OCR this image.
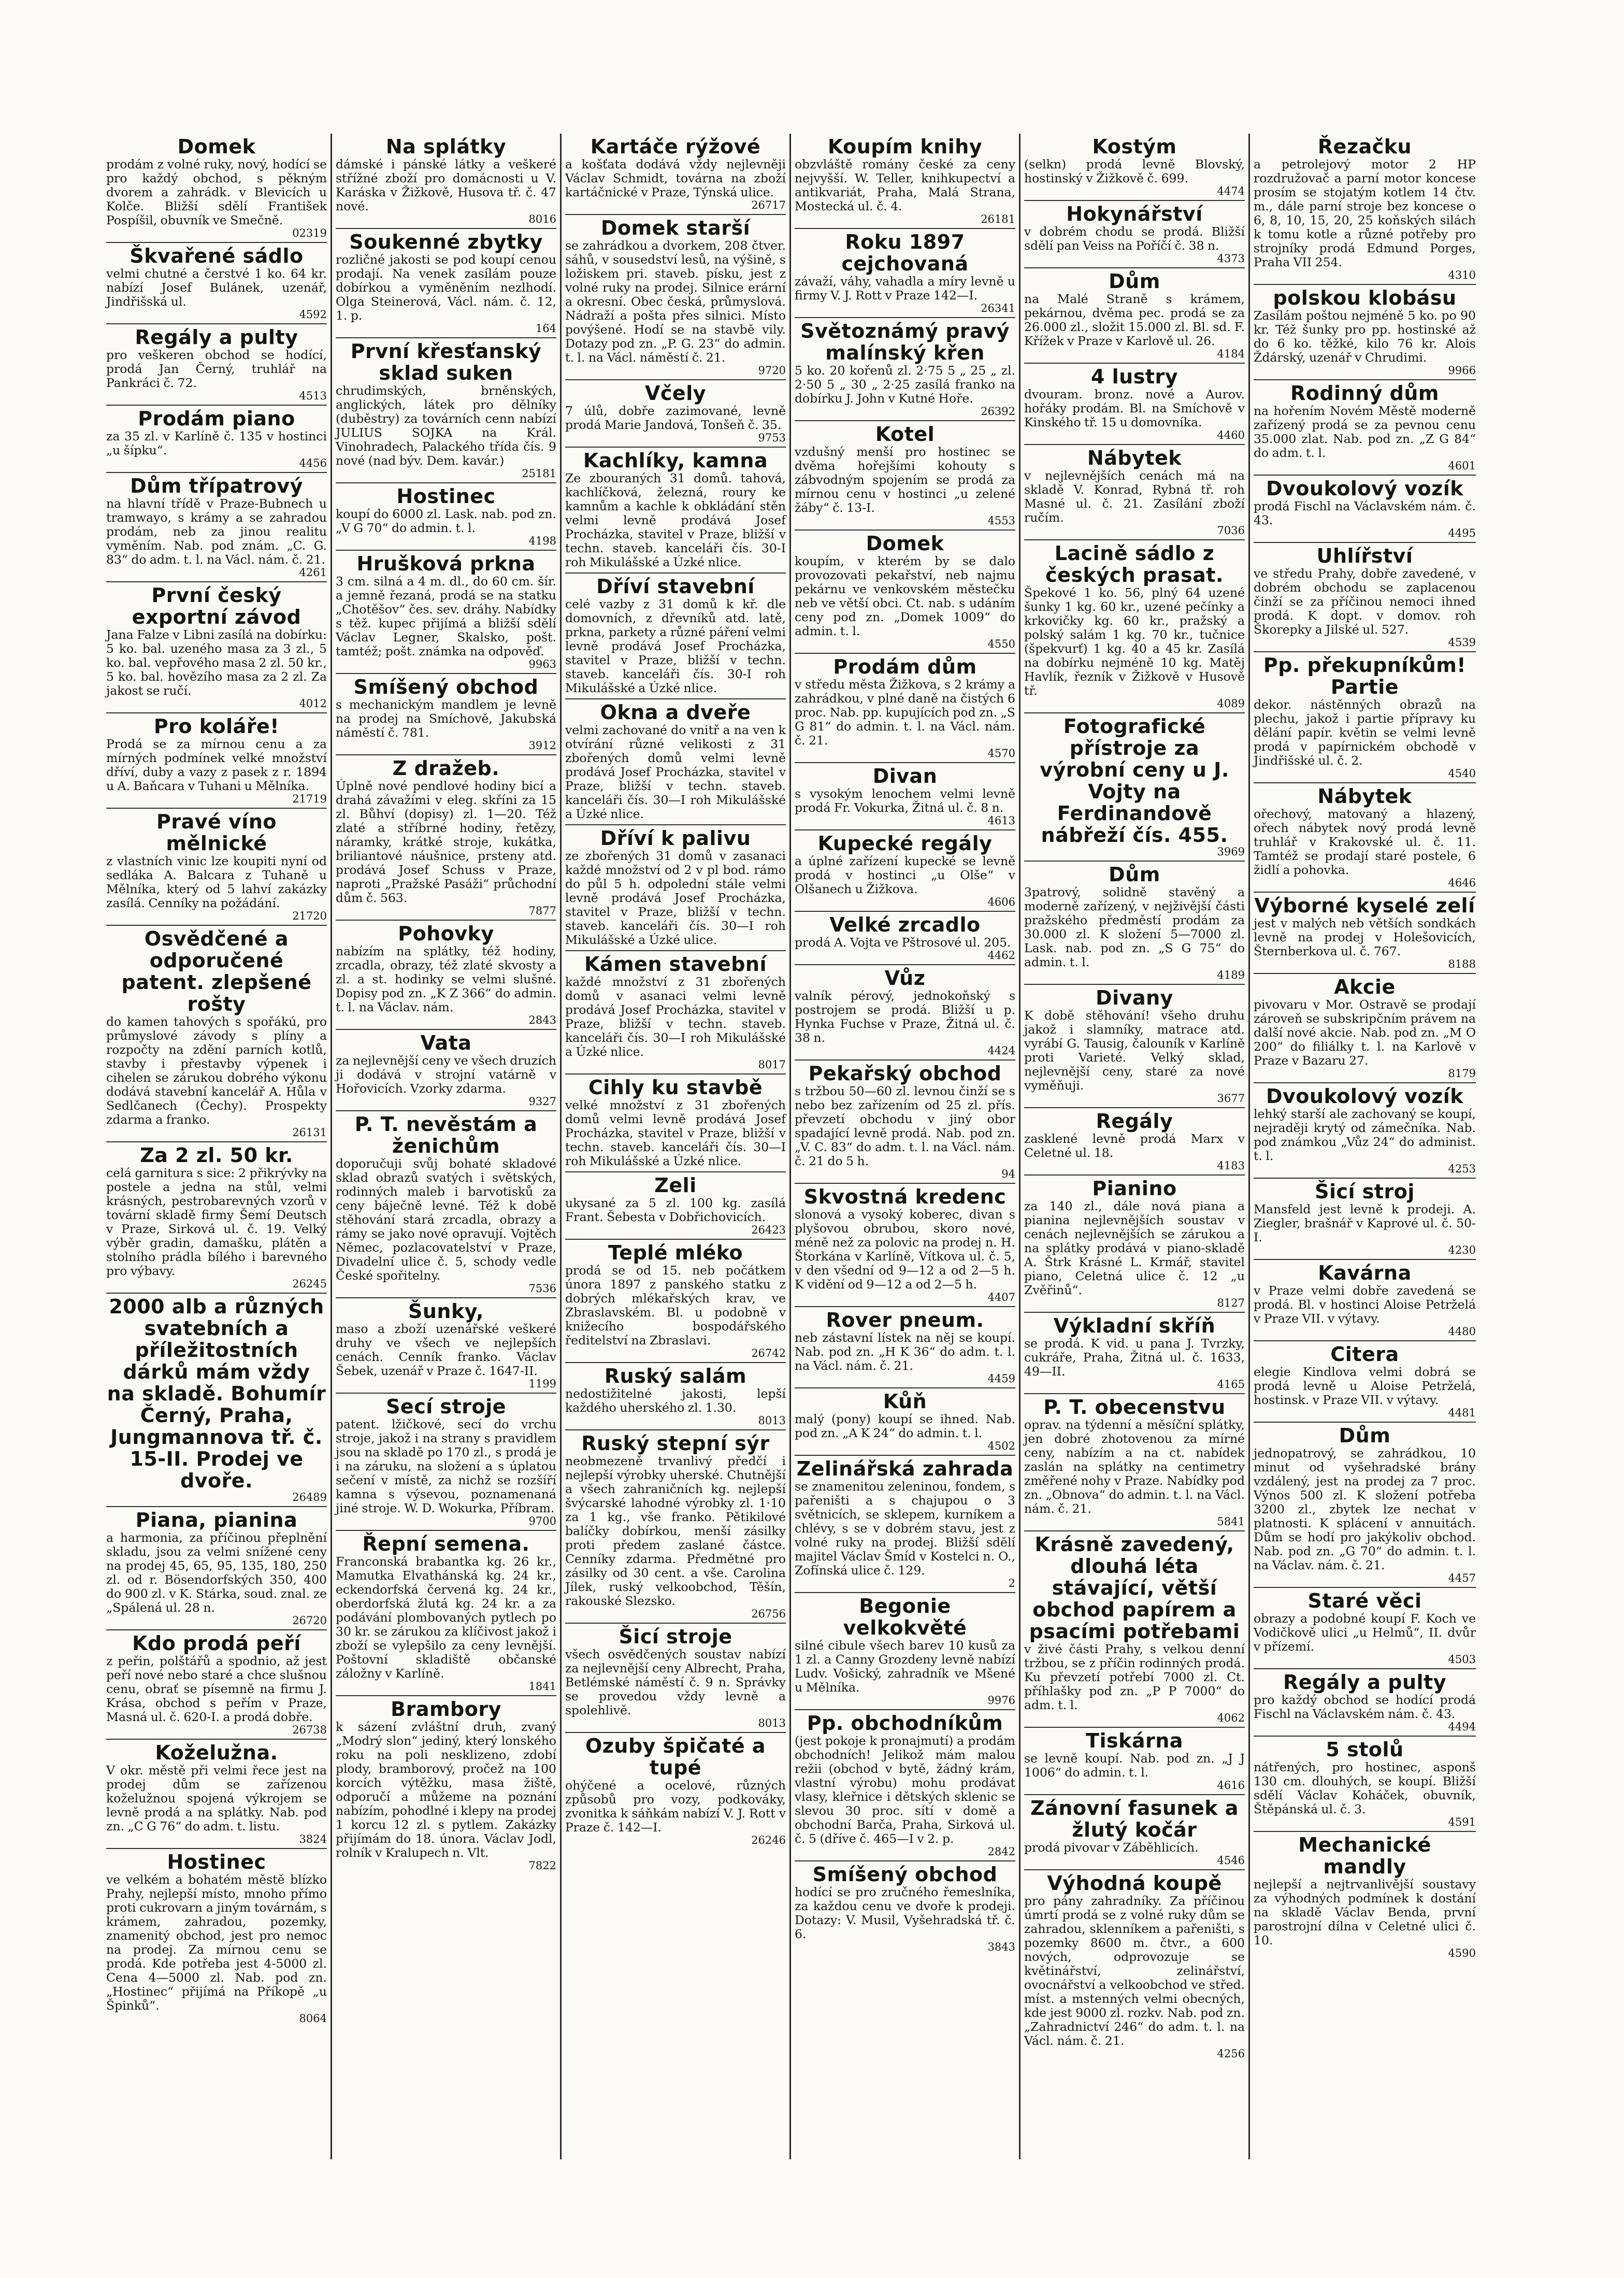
Domek
prodám z volné ruky, nový, hodící se pro každý obchod, s pěkným dvorem a zahrádk. v Blevicích u Kolče. Bližší sdělí František Pospíšil, obuvník ve Smečně.
02319
Škvařené sádlo
velmi chutné a čerstvé 1 ko. 64 kr. nabízí Josef Bulánek, uzenář, Jindřišská ul.
4592
Regály a pulty
pro veškeren obchod se hodící, prodá Jan Černý, truhlář na Pankráci č. 72.
4513
Prodám piano
za 35 zl. v Karlíně č. 135 v hostinci „u šípku“.
4456
Dům třípatrový
na hlavní třídě v Praze-Bubnech u tramwayo, s krámy a se zahradou prodám, neb za jinou realitu vyměním. Nab. pod znám. „C. G. 83“ do adm. t. l. na Václ. nám. č. 21.
4261
První český exportní závod
Jana Falze v Libni zasílá na dobírku: 5 ko. bal. uzeného masa za 3 zl., 5 ko. bal. vepřového masa 2 zl. 50 kr., 5 ko. bal. hovězího masa za 2 zl. Za jakost se ručí.
4012
Pro koláře!
Prodá se za mírnou cenu a za mírných podmínek velké množství dříví, duby a vazy z pasek z r. 1894 u A. Baňcara v Tuhani u Mělníka.
21719
Pravé víno mělnické
z vlastních vinic lze koupiti nyní od sedláka A. Balcara z Tuhaně u Mělníka, který od 5 lahví zakázky zasílá. Cenníky na požádání.
21720
Osvědčené a odporučené patent. zlepšené rošty
do kamen tahových s spořákú, pro průmyslové závody s plíny a rozpočty na zdění parních kotlů, stavby i přestavby výpenek i cihelen se zárukou dobrého výkonu dodává stavební kancelář A. Hůla v Sedlčanech (Čechy). Prospekty zdarma a franko.
26131
Za 2 zl. 50 kr.
celá garnitura s sice: 2 přikrývky na postele a jedna na stůl, velmi krásných, pestrobarevných vzorů v tovární skladě firmy Šemí Deutsch v Praze, Sirková ul. č. 19. Velký výběr gradin, damašku, plátěn a stolního prádla bílého i barevného pro výbavy.
26245
2000 alb a různých svatebních a příležitostních dárků mám vždy na skladě. Bohumír Černý, Praha, Jungmannova tř. č. 15-II. Prodej ve dvoře.
26489
Piana, pianina
a harmonia, za příčinou přeplnění skladu, jsou za velmi snížené ceny na prodej 45, 65, 95, 135, 180, 250 zl. od r. Bösendorfských 350, 400 do 900 zl. v K. Stárka, soud. znal. ze „Spálená ul. 28 n.
26720
Kdo prodá peří
z peřin, polštářů a spodnio, až jest peří nové nebo staré a chce slušnou cenu, obrať se písemně na firmu J. Krása, obchod s peřím v Praze, Masná ul. č. 620-I. a prodá dobře.
26738
Koželužna.
V okr. městě při velmi řece jest na prodej dům se zařízenou koželužnou spojená výkrojem se levně prodá a na splátky. Nab. pod zn. „C G 76“ do adm. t. listu.
3824
Hostinec
ve velkém a bohatém městě blízko Prahy, nejlepší místo, mnoho přímo proti cukrovarn a jiným továrnám, s krámem, zahradou, pozemky, znamenitý obchod, jest pro nemoc na prodej. Za mírnou cenu se prodá. Kde potřeba jest 4-5000 zl. Cena 4—5000 zl. Nab. pod zn. „Hostinec“ přijímá na Příkopě „u Špinků“.
8064
Na splátky
dámské i pánské látky a veškeré střížné zboží pro domácnosti u V. Karáska v Žižkově, Husova tř. č. 47 nové.
8016
Soukenné zbytky
rozličné jakosti se pod koupí cenou prodají. Na venek zasílám pouze dobírkou a vyměněním nezlhodí. Olga Steinerová, Václ. nám. č. 12, 1. p.
164
První křesťanský sklad suken
chrudimských, brněnských, anglických, látek pro dělníky (duběstry) za továrních cenn nabízí JULIUS SOJKA na Král. Vinohradech, Palackého třída čís. 9 nové (nad býv. Dem. kavár.)
25181
Hostinec
koupí do 6000 zl. Lask. nab. pod zn. „V G 70“ do admin. t. l.
4198
Hrušková prkna
3 cm. silná a 4 m. dl., do 60 cm. šír. a jemně řezaná, prodá se na statku „Chotěšov“ čes. sev. dráhy. Nabídky s těž. kupec přijímá a bližší sdělí Václav Legner, Skalsko, pošt. tamtéž; pošt. známka na odpověď.
9963
Smíšený obchod
s mechanickým mandlem je levně na prodej na Smíchově, Jakubská náměstí č. 781.
3912
Z dražeb.
Úplně nové pendlové hodiny bicí a drahá závažími v eleg. skříni za 15 zl. Bůhví (dopisy) zl. 1—20. Též zlaté a stříbrné hodiny, řetězy, náramky, krátké stroje, kukátka, briliantové náušnice, prsteny atd. prodává Josef Schuss v Praze, naproti „Pražské Pasáži“ průchodní dům č. 563.
7877
Pohovky
nabízím na splátky, též hodiny, zrcadla, obrazy, též zlaté skvosty a zl. a st. hodinky se velmi slušné. Dopisy pod zn. „K Z 366“ do admin. t. l. na Václav. nám.
2843
Vata
za nejlevnější ceny ve všech druzích ji dodává v strojní vatárně v Hořovicích. Vzorky zdarma.
9327
P. T. nevěstám a ženichům
doporučuji svůj bohaté skladové sklad obrazů svatých i světských, rodinných maleb i barvotisků za ceny báječně levné. Též k době stěhování stará zrcadla, obrazy a rámy se jako nové opravují. Vojtěch Němec, pozlacovatelství v Praze, Divadelní ulice č. 5, schody vedle České spořitelny.
7536
Šunky,
maso a zboží uzenářské veškeré druhy ve všech ve nejlepších cenách. Cenník franko. Václav Šebek, uzenář v Praze č. 1647-II.
1199
Secí stroje
patent. lžičkové, secí do vrchu stroje, jakož i na strany s pravidlem jsou na skladě po 170 zl., s prodá je i na záruku, na složení a s úplatou sečení v místě, za nichž se rozšíří kamna s výsevou, poznamenaná jiné stroje. W. D. Wokurka, Příbram.
9700
Řepní semena.
Franconská brabantka kg. 26 kr., Mamutka Elvathánská kg. 24 kr., eckendorfská červená kg. 24 kr., oberdorfská žlutá kg. 24 kr. a za podávání plombovaných pytlech po 30 kr. se zárukou za klíčivost jakož i zboží se vylepšilo za ceny levnější. Poštovní skladiště občanské záložny v Karlíně.
1841
Brambory
k sázení zvláštní druh, zvaný „Modrý slon“ jediný, který lonského roku na poli nesklizeno, zdobí plody, bramborový, pročež na 100 korcích výtěžku, masa žiště, odporučí a můžeme na poznání nabízím, pohodlné i klepy na prodej 1 korcu 12 zl. s pytlem. Zakázky přijímám do 18. února. Václav Jodl, rolník v Kralupech n. Vlt.
7822
Kartáče rýžové
a košťata dodává vždy nejlevněji Václav Schmidt, továrna na zboží kartáčnické v Praze, Týnská ulice.
26717
Domek starší
se zahrádkou a dvorkem, 208 čtver. sáhů, v sousedství lesů, na výšině, s ložiskem pri. staveb. písku, jest z volné ruky na prodej. Silnice erární a okresní. Obec česká, průmyslová. Nádraží a pošta přes silnici. Místo povýšené. Hodí se na stavbě vily. Dotazy pod zn. „P. G. 23“ do admin. t. l. na Václ. náměstí č. 21.
9720
Včely
7 úlů, dobře zazimované, levně prodá Marie Jandová, Tonšeň č. 35.
9753
Kachlíky, kamna
Ze zbouraných 31 domů. tahová, kachlíčková, železná, roury ke kamnům a kachle k obkládání stěn velmi levně prodává Josef Procházka, stavitel v Praze, bližší v techn. staveb. kanceláři čís. 30-I roh Mikulášské a Úzké nlice.
Dříví stavební
celé vazby z 31 domů k kř. dle domovních, z dřevníků atd. latě, prkna, parkety a různé páření velmi levně prodává Josef Procházka, stavitel v Praze, bližší v techn. staveb. kanceláři čís. 30-I roh Mikulášské a Úzké nlice.
Okna a dveře
velmi zachované do vnitř a na ven k otvírání různé velikosti z 31 zbořených domů velmi levně prodává Josef Procházka, stavitel v Praze, bližší v techn. staveb. kanceláři čís. 30—I roh Mikulášské a Úzké nlice.
Dříví k palivu
ze zbořených 31 domů v zasanaci každé množství od 2 v pl bod. rámo do půl 5 h. odpolední stále velmi levně prodává Josef Procházka, stavitel v Praze, bližší v techn. staveb. kanceláři čís. 30—I roh Mikulášské a Úzké ulice.
Kámen stavební
každé množství z 31 zbořených domů v asanaci velmi levně prodává Josef Procházka, stavitel v Praze, bližší v techn. staveb. kanceláři čís. 30—I roh Mikulášské a Úzké nlice.
8017
Cihly ku stavbě
velké množství z 31 zbořených domů velmi levně prodává Josef Procházka, stavitel v Praze, bližší v techn. staveb. kanceláři čís. 30—I roh Mikulášské a Úzké nlice.
Zeli
ukysané za 5 zl. 100 kg. zasílá Frant. Šebesta v Dobřichovicích.
26423
Teplé mléko
prodá se od 15. neb počátkem února 1897 z panského statku z dobrých mlékařských krav, ve Zbraslavském. Bl. u podobně v knižecího bospodářského ředitelství na Zbraslavi.
26742
Ruský salám
nedostižitelné jakosti, lepší každého uherského zl. 1.30.
8013
Ruský stepní sýr
neobmezeně trvanlivý předčí i nejlepší výrobky uherské. Chutnější a všech zahraničních kg. nejlepší švýcarské lahodné výrobky zl. 1·10 za 1 kg., vše franko. Pětikilové balíčky dobírkou, menší zásilky proti předem zaslané částce. Cenníky zdarma. Předmětné pro zásilky od 30 cent. a vše. Carolina Jílek, ruský velkoobchod, Těšín, rakouské Slezsko.
26756
Šicí stroje
všech osvědčených soustav nabízí za nejlevnější ceny Albrecht, Praha, Betlémské náměstí č. 9 n. Správky se provedou vždy levně a spolehlivě.
8013
Ozuby špičaté a tupé
ohýčené a ocelové, různých způsobů pro vozy, podkováky, zvonitka k sáňkám nabízí V. J. Rott v Praze č. 142—I.
26246
Koupím knihy
obzvláště romány české za ceny nejvyšší. W. Teller, knihkupectví a antikvariát, Praha, Malá Strana, Mostecká ul. č. 4.
26181
Roku 1897 cejchovaná
závaží, váhy, vahadla a míry levně u firmy V. J. Rott v Praze 142—I.
26341
Světoznámý pravý malínský křen
5 ko. 20 kořenů zl. 2·75 5 „ 25 „ zl. 2·50 5 „ 30 „ 2·25 zasílá franko na dobírku J. John v Kutné Hoře.
26392
Kotel
vzdušný menší pro hostinec se dvěma hořejšími kohouty s zábvodným spojením se prodá za mírnou cenu v hostinci „u zelené žáby“ č. 13-I.
4553
Domek
koupím, v kterém by se dalo provozovati pekařství, neb najmu pekárnu ve venkovském městečku neb ve větší obci. Ct. nab. s udáním ceny pod zn. „Domek 1009“ do admin. t. l.
4550
Prodám dům
v středu města Žižkova, s 2 krámy a zahrádkou, v plné daně na čistých 6 proc. Nab. pp. kupujících pod zn. „S G 81“ do admin. t. l. na Václ. nám. č. 21.
4570
Divan
s vysokým lenochem velmi levně prodá Fr. Vokurka, Žitná ul. č. 8 n.
4613
Kupecké regály
a úplné zařízení kupecké se levně prodá v hostinci „u Olše“ v Olšanech u Žižkova.
4606
Velké zrcadlo
prodá A. Vojta ve Pštrosové ul. 205.
4462
Vůz
valník pérový, jednokoňský s postrojem se prodá. Bližší u p. Hynka Fuchse v Praze, Žitná ul. č. 38 n.
4424
Pekařský obchod
s tržbou 50—60 zl. levnou činží se s nebo bez zařízením od 25 zl. přís. převzetí obchodu v jiný obor spadající levně prodá. Nab. pod zn. „V. C. 83“ do adm. t. l. na Václ. nám. č. 21 do 5 h.
94
Skvostná kredenc
slonová a vysoký koberec, divan s plyšovou obrubou, skoro nové, méně než za polovic na prodej n. H. Štorkána v Karlíně, Vítkova ul. č. 5, v den všední od 9—12 a od 2—5 h. K vidění od 9—12 a od 2—5 h.
4407
Rover pneum.
neb zástavní lístek na něj se koupí. Nab. pod zn. „H K 36“ do adm. t. l. na Václ. nám. č. 21.
4459
Kůň
malý (pony) koupí se ihned. Nab. pod zn. „A K 24“ do admin. t. l.
4502
Zelinářská zahrada
se znamenitou zeleninou, fondem, s pařeništi a s chajupou o 3 světnicích, se sklepem, kurníkem a chlévy, s se v dobrém stavu, jest z volné ruky na prodej. Bližší sdělí majitel Václav Šmíd v Kostelci n. O., Zofínská ulice č. 129.
2
Begonie velkokvěté
silné cibule všech barev 10 kusů za 1 zl. a Canny Grozdeny levně nabízí Ludv. Vošický, zahradník ve Mšené u Mělníka.
9976
Pp. obchodníkům
(jest pokoje k pronajmutí) a prodám obchodních! Jelikož mám malou režii (obchod v bytě, žádný krám, vlastní výrobu) mohu prodávat vlasy, kleřnice i dětských sklenic se slevou 30 proc. sítí v domě a obchodní Barča, Praha, Sirková ul. č. 5 (dříve č. 465—I v 2. p.
2842
Smíšený obchod
hodící se pro zručného řemeslníka, za každou cenu ve dvoře k prodeji. Dotazy: V. Musil, Vyšehradská tř. č. 6.
3843
Kostým
(selkn) prodá levně Blovský, hostinský v Žižkově č. 699.
4474
Hokynářství
v dobrém chodu se prodá. Bližší sdělí pan Veiss na Poříčí č. 38 n.
4373
Dům
na Malé Straně s krámem, pekárnou, dvěma pec. prodá se za 26.000 zl., složit 15.000 zl. Bl. sd. F. Křížek v Praze v Karlově ul. 26.
4184
4 lustry
dvouram. bronz. nové a Aurov. hořáky prodám. Bl. na Smíchově v Kinského tř. 15 u domovníka.
4460
Nábytek
v nejlevnějších cenách má na skladě V. Konrad, Rybná tř. roh Masné ul. č. 21. Zasílání zboží ručím.
7036
Lacině sádlo z českých prasat.
Špekové 1 ko. 56, plný 64 uzené šunky 1 kg. 60 kr., uzené pečínky a krkovičky kg. 60 kr., pražský a polský salám 1 kg. 70 kr., tučnice (špekvurť) 1 kg. 40 a 45 kr. Zasílá na dobírku nejméně 10 kg. Matěj Havlík, řezník v Žižkově v Husově tř.
4089
Fotografické přístroje za výrobní ceny u J. Vojty na Ferdinandově nábřeží čís. 455.
3969
Dům
3patrový, solidně stavěný a moderně zařízený, v nejživější části pražského předměstí prodám za 30.000 zl. K složení 5—7000 zl. Lask. nab. pod zn. „S G 75“ do admin. t. l.
4189
Divany
K době stěhování! všeho druhu jakož i slamníky, matrace atd. vyrábí G. Tausig, čalouník v Karlíně proti Varieté. Velký sklad, nejlevnější ceny, staré za nové vyměňuji.
3677
Regály
zasklené levně prodá Marx v Celetné ul. 18.
4183
Pianino
za 140 zl., dále nová piana a pianina nejlevnějších soustav v cenách nejlevnějších se zárukou a na splátky prodává v piano-skladě A. Štrk Krásné L. Krmář, stavitel piano, Celetná ulice č. 12 „u Zvěřinů“.
8127
Výkladní skříň
se prodá. K vid. u pana J. Tvrzky, cukráře, Praha, Žitná ul. č. 1633, 49—II.
4165
P. T. obecenstvu
oprav. na týdenní a měsíční splátky, jen dobré zhotovenou za mírné ceny, nabízím a na ct. nabídek zaslán na splátky na centimetry změřené nohy v Praze. Nabídky pod zn. „Obnova“ do admin. t. l. na Václ. nám. č. 21.
5841
Krásně zavedený, dlouhá léta stávající, větší obchod papírem a psacími potřebami
v živé části Prahy, s velkou denní tržbou, se z příčin rodinných prodá. Ku převzetí potřebí 7000 zl. Ct. příhlašky pod zn. „P P 7000“ do adm. t. l.
4062
Tiskárna
se levně koupí. Nab. pod zn. „J J 1006“ do admin. t. l.
4616
Zánovní fasunek a žlutý kočár
prodá pivovar v Záběhlicích.
4546
Výhodná koupě
pro pány zahradníky. Za příčinou úmrtí prodá se z volné ruky dům se zahradou, sklenníkem a pařeništi, s pozemky 8600 m. čtvr., a 600 nových, odprovozuje se květinářství, zelinářství, ovocnářství a velkoobchod ve střed. míst. a mstenných velmi obecných, kde jest 9000 zl. rozkv. Nab. pod zn. „Zahradnictví 246“ do adm. t. l. na Václ. nám. č. 21.
4256
Řezačku
a petrolejový motor 2 HP rozdružovač a parní motor koncese prosím se stojatým kotlem 14 čtv. m., dále parní stroje bez koncese o 6, 8, 10, 15, 20, 25 koňských silách k tomu kotle a různé potřeby pro strojníky prodá Edmund Porges, Praha VII 254.
4310
polskou klobásu
Zasílám poštou nejméně 5 ko. po 90 kr. Též šunky pro pp. hostinské až do 6 ko. těžké, kilo 76 kr. Alois Ždárský, uzenář v Chrudimi.
9966
Rodinný dům
na hořením Novém Městě moderně zařízený prodá se za pevnou cenu 35.000 zlat. Nab. pod zn. „Z G 84“ do adm. t. l.
4601
Dvoukolový vozík
prodá Fischl na Václavském nám. č. 43.
4495
Uhlířství
ve středu Prahy, dobře zavedené, v dobrém obchodu se zaplacenou činží se za příčinou nemoci ihned prodá. K dopt. v domov. roh Škorepky a Jilské ul. 527.
4539
Pp. překupníkům! Partie
dekor. nástěnných obrazů na plechu, jakož i partie přípravy ku dělání papír. květin se velmi levně prodá v papírnickém obchodě v Jindřišské ul. č. 2.
4540
Nábytek
ořechový, matovaný a hlazený, ořech nábytek nový prodá levně truhlář v Krakovské ul. č. 11. Tamtéž se prodají staré postele, 6 židlí a pohovka.
4646
Výborné kyselé zelí
jest v malých neb větších sondkách levně na prodej v Holešovicích, Šternberkova ul. č. 767.
8188
Akcie
pivovaru v Mor. Ostravě se prodají zároveň se subskripčním právem na další nové akcie. Nab. pod zn. „M O 200“ do filiálky t. l. na Karlově v Praze v Bazaru 27.
8179
Dvoukolový vozík
lehký starší ale zachovaný se koupí, nejraději krytý od zámečníka. Nab. pod známkou „Vůz 24“ do administ. t. l.
4253
Šicí stroj
Mansfeld jest levně k prodeji. A. Ziegler, brašnář v Kaprové ul. č. 50-I.
4230
Kavárna
v Praze velmi dobře zavedená se prodá. Bl. v hostinci Aloise Petrželá v Praze VII. v výtavy.
4480
Citera
elegie Kindlova velmi dobrá se prodá levně u Aloise Petrželá, hostinsk. v Praze VII. v výtavy.
4481
Dům
jednopatrový, se zahrádkou, 10 minut od vyšehradské brány vzdálený, jest na prodej za 7 proc. Výnos 500 zl. K složení potřeba 3200 zl., zbytek lze nechat v platnosti. K splácení v annuitách. Dům se hodí pro jakýkoliv obchod. Nab. pod zn. „G 70“ do admin. t. l. na Václav. nám. č. 21.
4457
Staré věci
obrazy a podobné koupí F. Koch ve Vodičkově ulici „u Helmů“, II. dvůr v přízemí.
4503
Regály a pulty
pro každý obchod se hodící prodá Fischl na Václavském nám. č. 43.
4494
5 stolů
nátřených, pro hostinec, asponš 130 cm. dlouhých, se koupí. Bližší sdělí Václav Koháček, obuvník, Štěpánská ul. č. 3.
4591
Mechanické mandly
nejlepší a nejtrvanlivější soustavy za výhodných podmínek k dostání na skladě Václav Benda, první parostrojní dílna v Celetné ulici č. 10.
4590
